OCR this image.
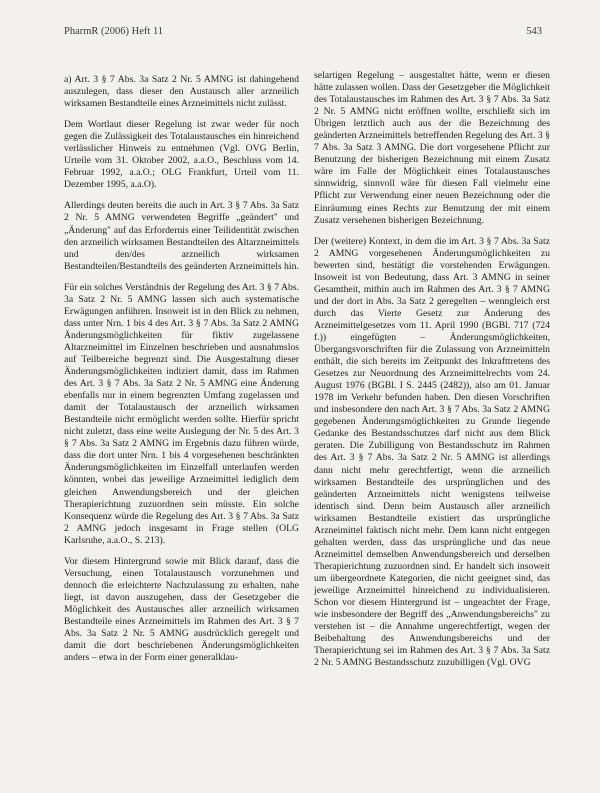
PharmR (2006) Heft 11	543

a) Art. 3 § 7 Abs. 3a Satz 2 Nr. 5 AMNG ist dahingehend auszulegen, dass dieser den Austausch aller arzneilich wirksamen Bestandteile eines Arzneimittels nicht zulässt.

Dem Wortlaut dieser Regelung ist zwar weder für noch gegen die Zulässigkeit des Totalaustausches ein hinreichend verlässlicher Hinweis zu entnehmen (Vgl. OVG Berlin, Urteile vom 31. Oktober 2002, a.a.O., Beschluss vom 14. Februar 1992, a.a.O.; OLG Frankfurt, Urteil vom 11. Dezember 1995, a.a.O).

Allerdings deuten bereits die auch in Art. 3 § 7 Abs. 3a Satz 2 Nr. 5 AMNG verwendeten Begriffe „geändert" und „Änderung" auf das Erfordernis einer Teilidentität zwischen den arzneilich wirksamen Bestandteilen des Altarzneimittels und den/des arzneilich wirksamen Bestandteilen/Bestandteils des geänderten Arzneimittels hin.

Für ein solches Verständnis der Regelung des Art. 3 § 7 Abs. 3a Satz 2 Nr. 5 AMNG lassen sich auch systematische Erwägungen anführen. Insoweit ist in den Blick zu nehmen, dass unter Nrn. 1 bis 4 des Art. 3 § 7 Abs. 3a Satz 2 AMNG Änderungsmöglichkeiten für fiktiv zugelassene Altarzneimittel im Einzelnen beschrieben und ausnahmslos auf Teilbereiche begrenzt sind. Die Ausgestaltung dieser Änderungsmöglichkeiten indiziert damit, dass im Rahmen des Art. 3 § 7 Abs. 3a Satz 2 Nr. 5 AMNG eine Änderung ebenfalls nur in einem begrenzten Umfang zugelassen und damit der Totalaustausch der arzneilich wirksamen Bestandteile nicht ermöglicht werden sollte. Hierfür spricht nicht zuletzt, dass eine weite Auslegung der Nr. 5 des Art. 3 § 7 Abs. 3a Satz 2 AMNG im Ergebnis dazu führen würde, dass die dort unter Nrn. 1 bis 4 vorgesehenen beschränkten Änderungsmöglichkeiten im Einzelfall unterlaufen werden könnten, wobei das jeweilige Arzneimittel lediglich dem gleichen Anwendungsbereich und der gleichen Therapierichtung zuzuordnen sein müsste. Ein solche Konsequenz würde die Regelung des Art. 3 § 7 Abs. 3a Satz 2 AMNG jedoch insgesamt in Frage stellen (OLG Karlsruhe, a.a.O., S. 213).

Vor diesem Hintergrund sowie mit Blick darauf, dass die Versuchung, einen Totalaustausch vorzunehmen und dennoch die erleichterte Nachzulassung zu erhalten, nahe liegt, ist davon auszugehen, dass der Gesetzgeber die Möglichkeit des Austausches aller arzneilich wirksamen Bestandteile eines Arzneimittels im Rahmen des Art. 3 § 7 Abs. 3a Satz 2 Nr. 5 AMNG ausdrücklich geregelt und damit die dort beschriebenen Änderungsmöglichkeiten anders – etwa in der Form einer generalklau-

selartigen Regelung – ausgestaltet hätte, wenn er diesen hätte zulassen wollen. Dass der Gesetzgeber die Möglichkeit des Totalaustausches im Rahmen des Art. 3 § 7 Abs. 3a Satz 2 Nr. 5 AMNG nicht eröffnen wollte, erschließt sich im Übrigen letztlich auch aus der die Bezeichnung des geänderten Arzneimittels betreffenden Regelung des Art. 3 § 7 Abs. 3a Satz 3 AMNG. Die dort vorgesehene Pflicht zur Benutzung der bisherigen Bezeichnung mit einem Zusatz wäre im Falle der Möglichkeit eines Totalaustausches sinnwidrig, sinnvoll wäre für diesen Fall vielmehr eine Pflicht zur Verwendung einer neuen Bezeichnung oder die Einräumung eines Rechts zur Benutzung der mit einem Zusatz versehenen bisherigen Bezeichnung.

Der (weitere) Kontext, in dem die im Art. 3 § 7 Abs. 3a Satz 2 AMNG vorgesehenen Änderungsmöglichkeiten zu bewerten sind, bestätigt die vorstehenden Erwägungen. Insoweit ist von Bedeutung, dass Art. 3 AMNG in seiner Gesamtheit, mithin auch im Rahmen des Art. 3 § 7 AMNG und der dort in Abs. 3a Satz 2 geregelten – wenngleich erst durch das Vierte Gesetz zur Änderung des Arzneimittelgesetzes vom 11. April 1990 (BGBl. 717 (724 f.)) eingefügten – Änderungsmöglichkeiten, Übergangsvorschriften für die Zulassung von Arzneimitteln enthält, die sich bereits im Zeitpunkt des Inkrafttretens des Gesetzes zur Neuordnung des Arzneimittelrechts vom 24. August 1976 (BGBl. I S. 2445 (2482)), also am 01. Januar 1978 im Verkehr befunden haben. Den diesen Vorschriften und insbesondere den nach Art. 3 § 7 Abs. 3a Satz 2 AMNG gegebenen Änderungsmöglichkeiten zu Grunde liegende Gedanke des Bestandsschutzes darf nicht aus dem Blick geraten. Die Zubilligung von Bestandsschutz im Rahmen des Art. 3 § 7 Abs. 3a Satz 2 Nr. 5 AMNG ist allerdings dann nicht mehr gerechtfertigt, wenn die arzneilich wirksamen Bestandteile des ursprünglichen und des geänderten Arzneimittels nicht wenigstens teilweise identisch sind. Denn beim Austausch aller arzneilich wirksamen Bestandteile existiert das ursprüngliche Arzneimittel faktisch nicht mehr. Dem kann nicht entgegen gehalten werden, dass das ursprüngliche und das neue Arzneimittel demselben Anwendungsbereich und derselben Therapierichtung zuzuordnen sind. Er handelt sich insoweit um übergeordnete Kategorien, die nicht geeignet sind, das jeweilige Arzneimittel hinreichend zu individualisieren. Schon vor diesem Hintergrund ist – ungeachtet der Frage, wie insbesondere der Begriff des „Anwendungsbereichs" zu verstehen ist – die Annahme ungerechtfertigt, wegen der Beibehaltung des Anwendungsbereichs und der Therapierichtung sei im Rahmen des Art. 3 § 7 Abs. 3a Satz 2 Nr. 5 AMNG Bestandsschutz zuzubilligen (Vgl. OVG
